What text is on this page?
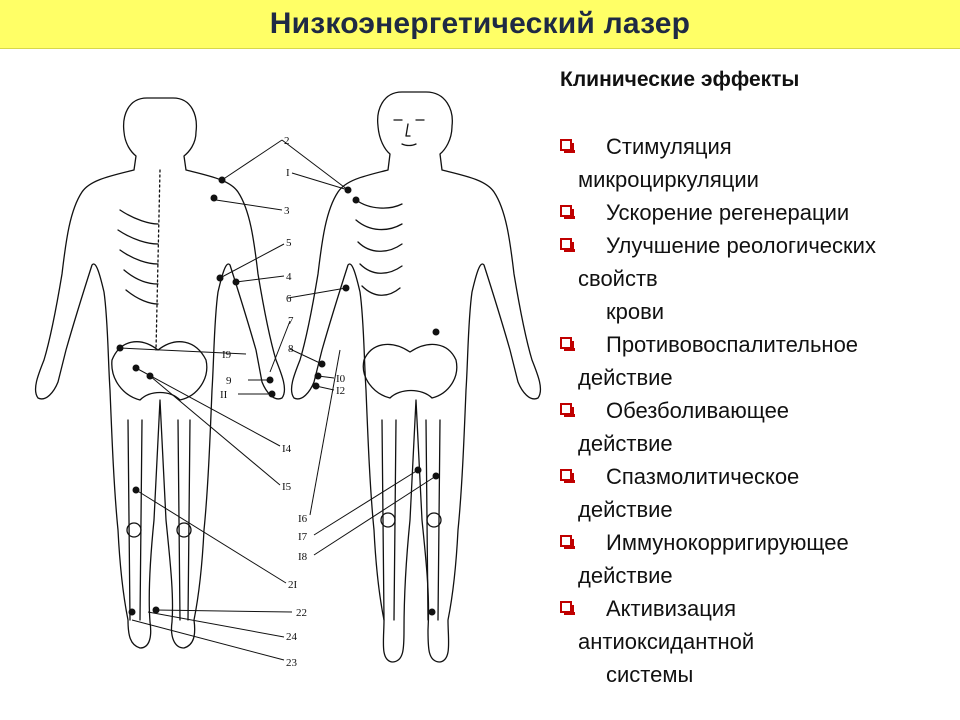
Низкоэнергетический лазер
2
I
3
5
4
6
7
8
I9
9
II
I0
I2
I4
I5
I6
I7
I8
2I
22
24
23
Клинические эффекты
Стимуляция
микроциркуляции
Ускорение регенерации
Улучшение реологических
свойств
крови
Противовоспалительное
действие
Обезболивающее
действие
Спазмолитическое
действие
Иммунокорригирующее
действие
Активизация
антиоксидантной
системы
